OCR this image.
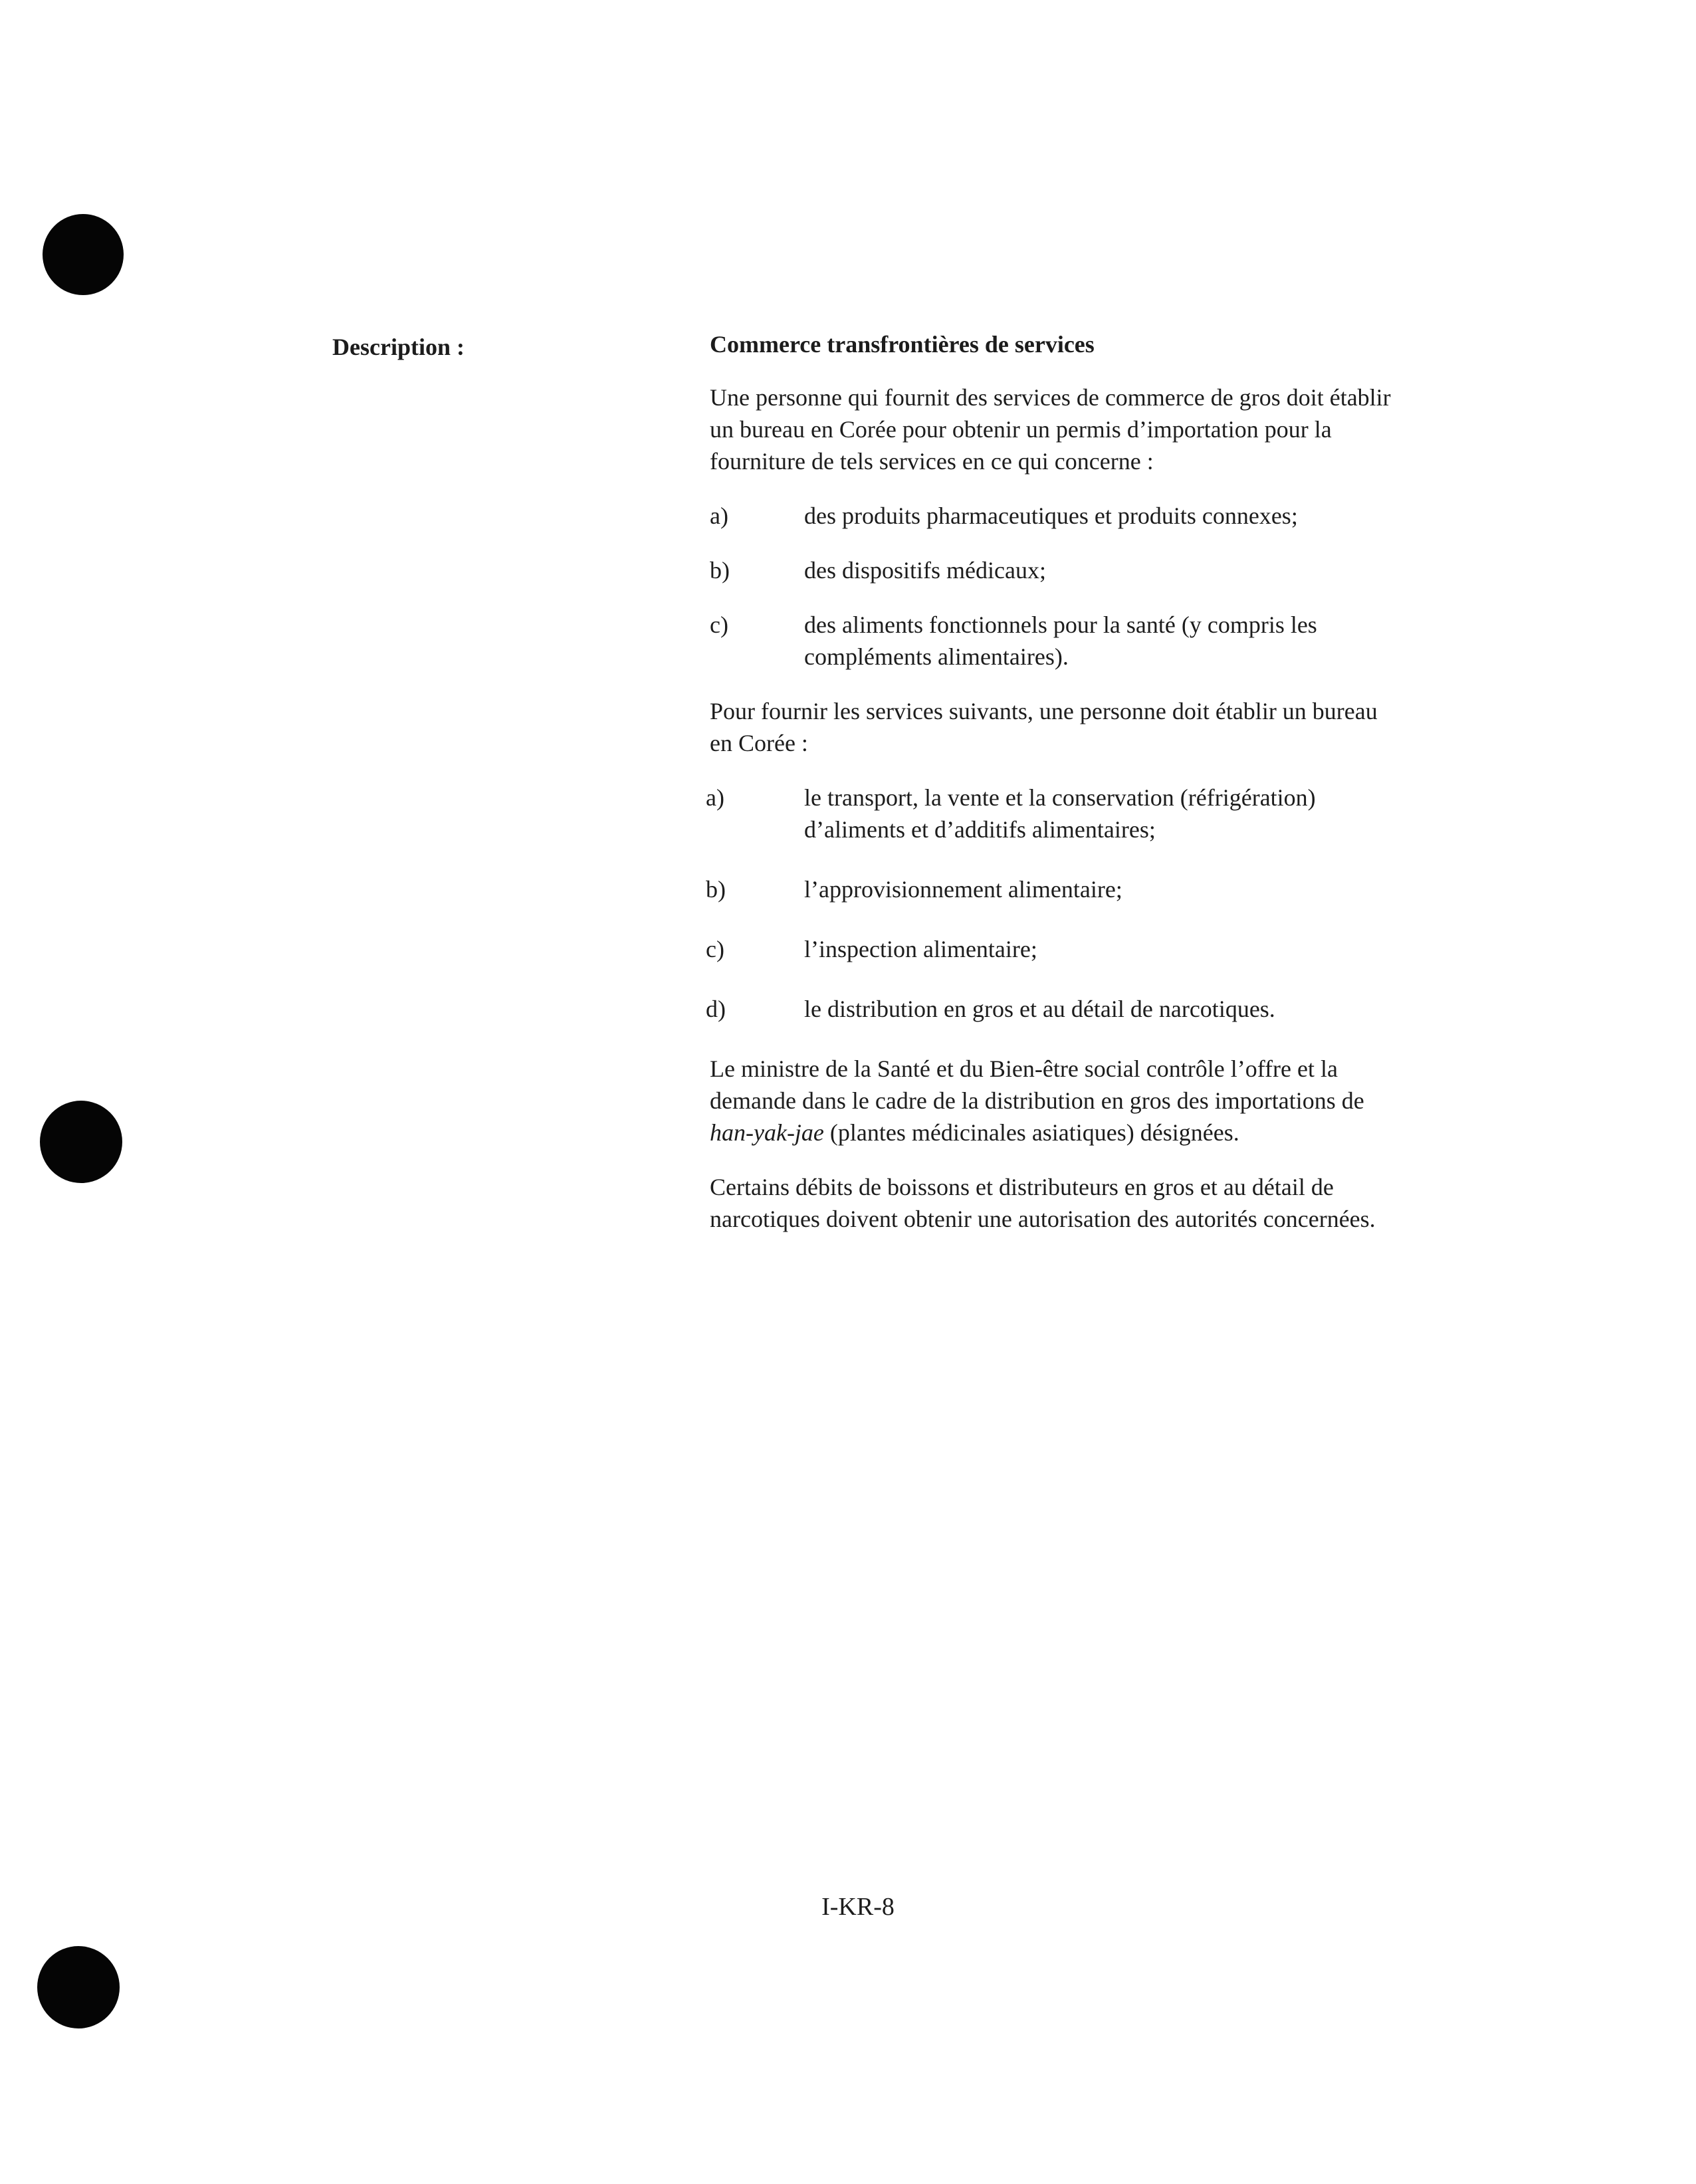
Description :	Commerce transfrontières de services
Une personne qui fournit des services de commerce de gros doit établir un bureau en Corée pour obtenir un permis d’importation pour la fourniture de tels services en ce qui concerne :
a)	des produits pharmaceutiques et produits connexes;
b)	des dispositifs médicaux;
c)	des aliments fonctionnels pour la santé (y compris les compléments alimentaires).
Pour fournir les services suivants, une personne doit établir un bureau en Corée :
a)	le transport, la vente et la conservation (réfrigération) d’aliments et d’additifs alimentaires;
b)	l’approvisionnement alimentaire;
c)	l’inspection alimentaire;
d)	le distribution en gros et au détail de narcotiques.
Le ministre de la Santé et du Bien-être social contrôle l’offre et la demande dans le cadre de la distribution en gros des importations de han-yak-jae (plantes médicinales asiatiques) désignées.
Certains débits de boissons et distributeurs en gros et au détail de narcotiques doivent obtenir une autorisation des autorités concernées.
I-KR-8
